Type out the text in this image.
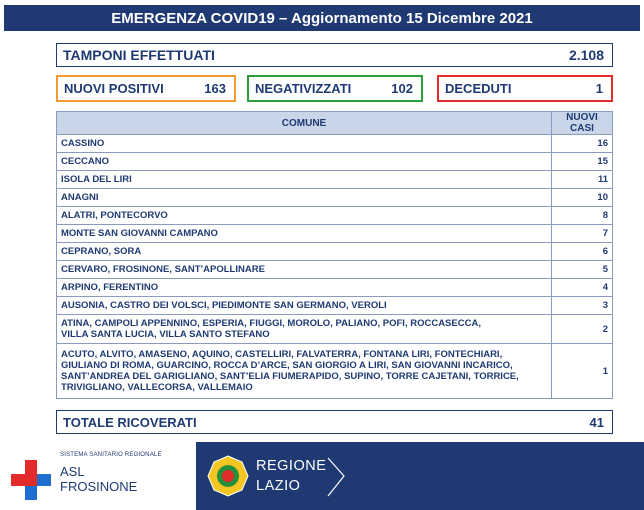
EMERGENZA COVID19 – Aggiornamento 15 Dicembre 2021
TAMPONI EFFETTUATI	2.108
NUOVI POSITIVI	163 NEGATIVIZZATI	102 DECEDUTI	1
COMUNE	NUOVI CASI
CASSINO	16
CECCANO	15
ISOLA DEL LIRI	11
ANAGNI	10
ALATRI, PONTECORVO	8
MONTE SAN GIOVANNI CAMPANO	7
CEPRANO, SORA	6
CERVARO, FROSINONE, SANT’APOLLINARE	5
ARPINO, FERENTINO	4
AUSONIA, CASTRO DEI VOLSCI, PIEDIMONTE SAN GERMANO, VEROLI	3

ATINA, CAMPOLI APPENNINO, ESPERIA, FIUGGI, MOROLO, PALIANO, POFI, ROCCASECCA,
VILLA SANTA LUCIA, VILLA SANTO STEFANO	2

ACUTO, ALVITO, AMASENO, AQUINO, CASTELLIRI, FALVATERRA, FONTANA LIRI, FONTECHIARI,
GIULIANO DI ROMA, GUARCINO, ROCCA D’ARCE, SAN GIORGIO A LIRI, SAN GIOVANNI INCARICO,
SANT’ANDREA DEL GARIGLIANO, SANT’ELIA FIUMERAPIDO, SUPINO, TORRE CAJETANI, TORRICE,
TRIVIGLIANO, VALLECORSA, VALLEMAIO	1
TOTALE RICOVERATI	41
SISTEMA SANITARIO REGIONALE
ASL
FROSINONE
REGIONE
LAZIO
